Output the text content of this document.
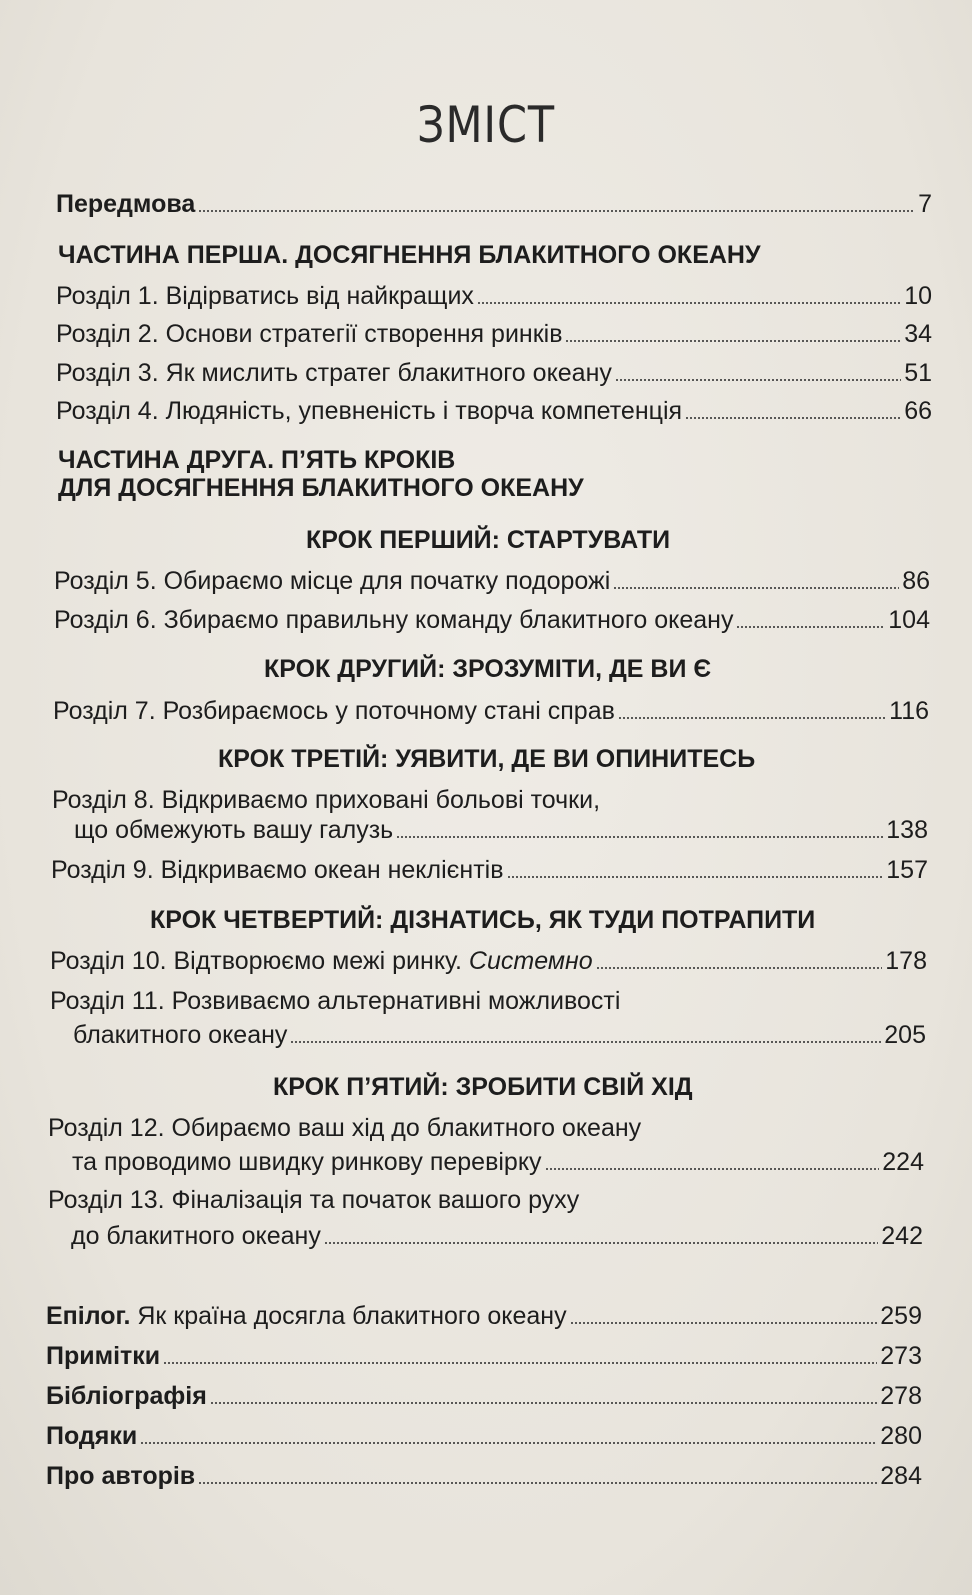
ЗМІСТ
Передмова	7
ЧАСТИНА ПЕРША. ДОСЯГНЕННЯ БЛАКИТНОГО ОКЕАНУ
Розділ 1. Відірватись від найкращих	10
Розділ 2. Основи стратегії створення ринків	34
Розділ 3. Як мислить стратег блакитного океану	51
Розділ 4. Людяність, упевненість і творча компетенція	66
ЧАСТИНА ДРУГА. П’ЯТЬ КРОКІВ
ДЛЯ ДОСЯГНЕННЯ БЛАКИТНОГО ОКЕАНУ
КРОК ПЕРШИЙ: СТАРТУВАТИ
Розділ 5. Обираємо місце для початку подорожі	86
Розділ 6. Збираємо правильну команду блакитного океану	104
КРОК ДРУГИЙ: ЗРОЗУМІТИ, ДЕ ВИ Є
Розділ 7. Розбираємось у поточному стані справ	116
КРОК ТРЕТІЙ: УЯВИТИ, ДЕ ВИ ОПИНИТЕСЬ
Розділ 8. Відкриваємо приховані больові точки,
що обмежують вашу галузь	138
Розділ 9. Відкриваємо океан неклієнтів	157
КРОК ЧЕТВЕРТИЙ: ДІЗНАТИСЬ, ЯК ТУДИ ПОТРАПИТИ
Розділ 10. Відтворюємо межі ринку. Системно	178
Розділ 11. Розвиваємо альтернативні можливості
блакитного океану	205
КРОК П’ЯТИЙ: ЗРОБИТИ СВІЙ ХІД
Розділ 12. Обираємо ваш хід до блакитного океану
та проводимо швидку ринкову перевірку	224
Розділ 13. Фіналізація та початок вашого руху
до блакитного океану	242
Епілог. Як країна досягла блакитного океану	259
Примітки	273
Бібліографія	278
Подяки	280
Про авторів	284
